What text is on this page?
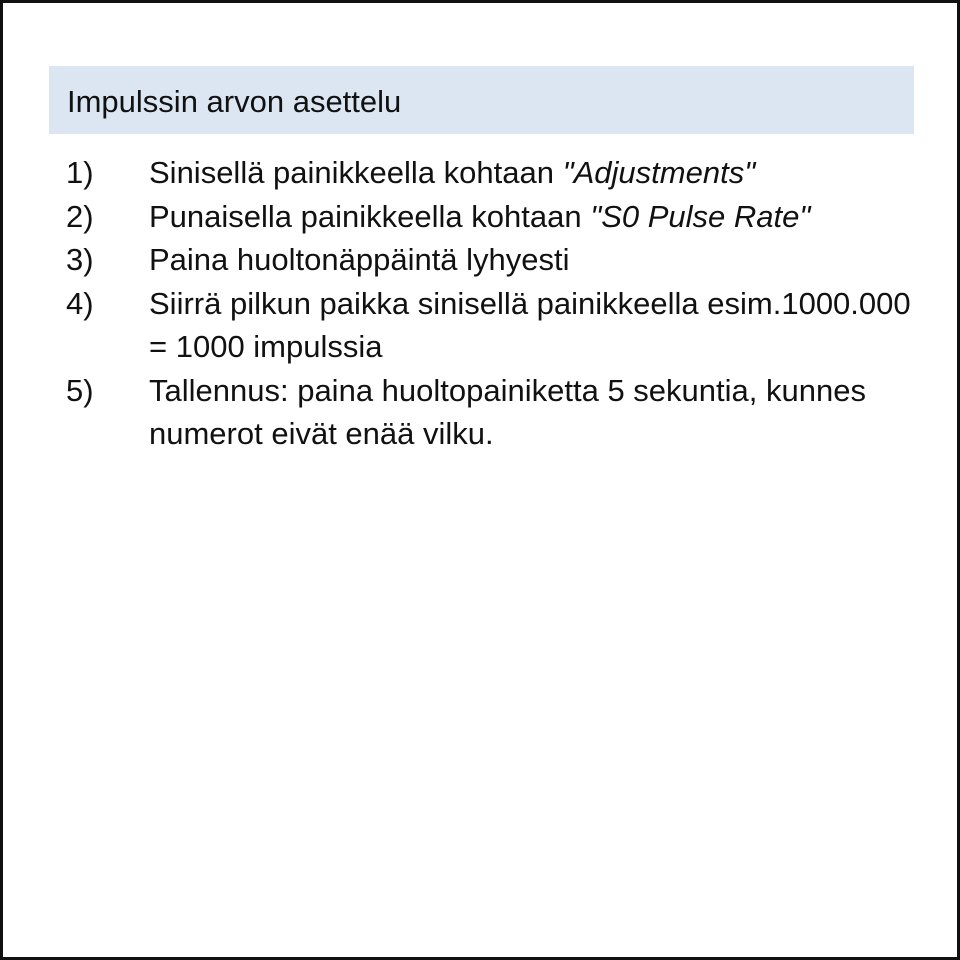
Impulssin arvon asettelu
1)	Sinisellä painikkeella kohtaan "Adjustments"
2)	Punaisella painikkeella kohtaan "S0 Pulse Rate"
3)	Paina huoltonäppäintä lyhyesti
4)	Siirrä pilkun paikka sinisellä painikkeella esim.1000.000 = 1000 impulssia
5)	Tallennus: paina huoltopainiketta 5 sekuntia, kunnes numerot eivät enää vilku.
